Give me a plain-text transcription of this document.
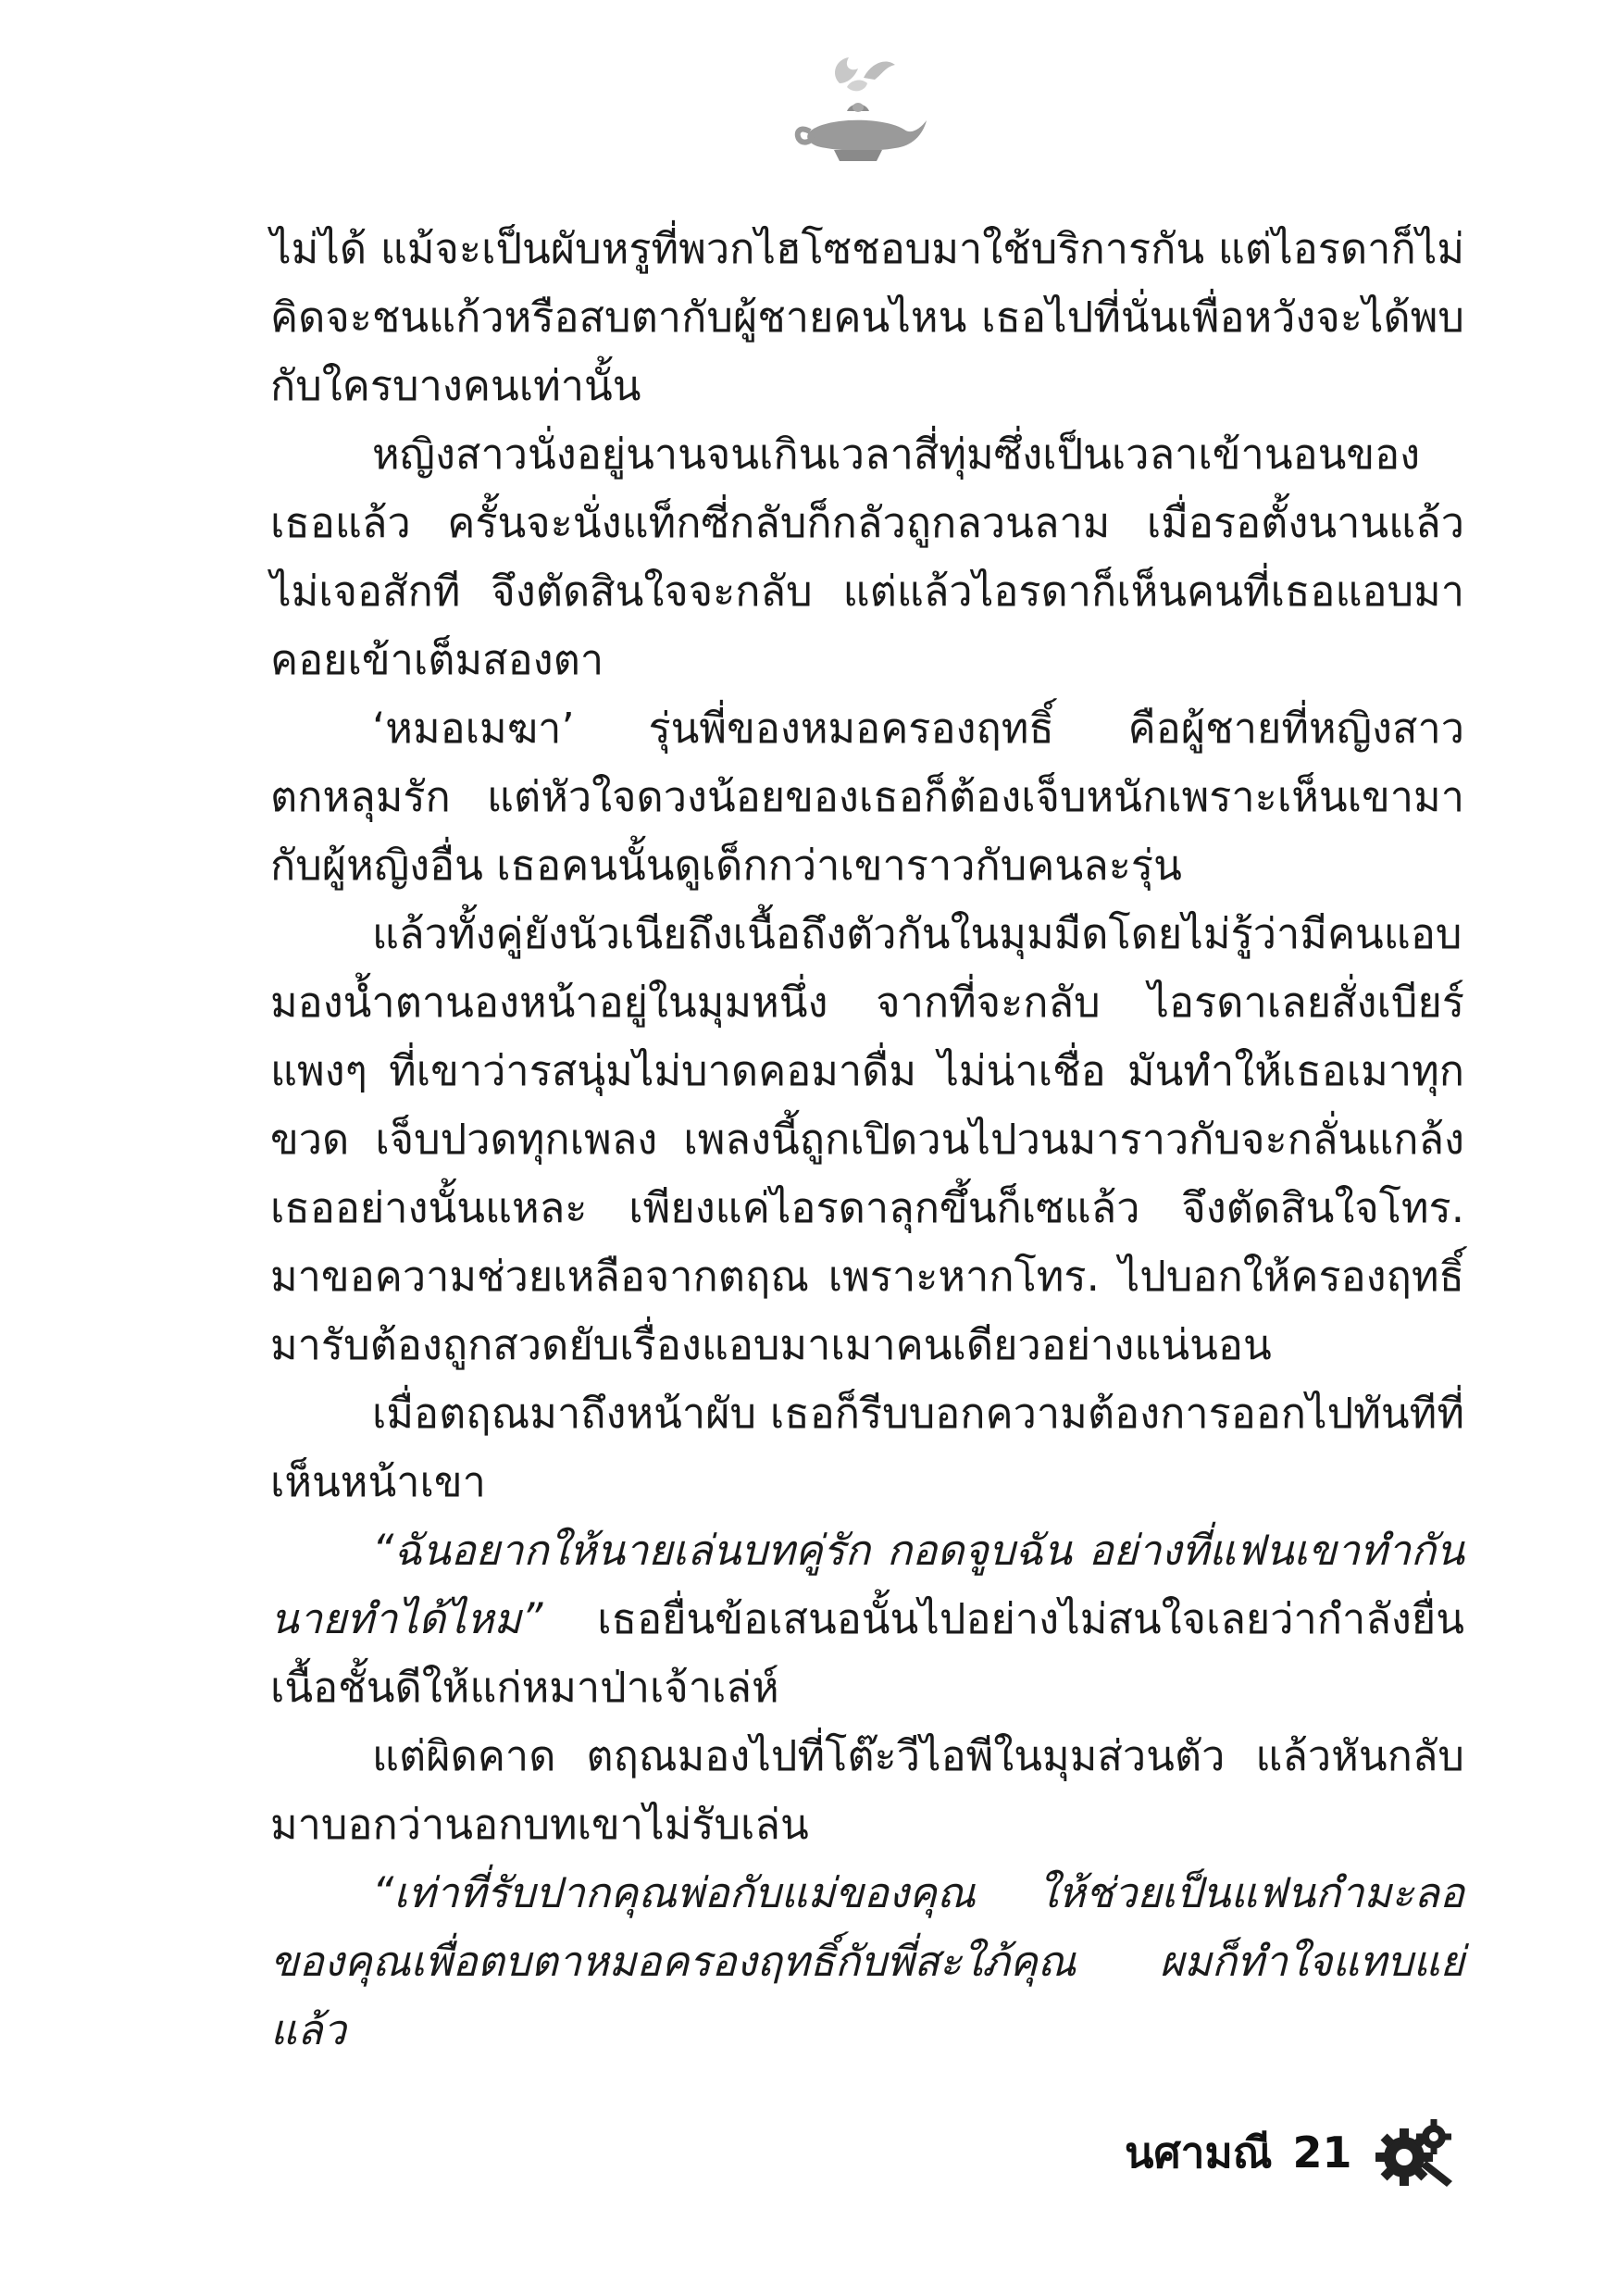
ไม่ได้ แม้จะเป็นผับหรูที่พวกไฮโซชอบมาใช้บริการกัน แต่ไอรดาก็ไม่คิดจะชนแก้วหรือสบตากับผู้ชายคนไหน เธอไปที่นั่นเพื่อหวังจะได้พบกับใครบางคนเท่านั้น

หญิงสาวนั่งอยู่นานจนเกินเวลาสี่ทุ่มซึ่งเป็นเวลาเข้านอนของเธอแล้ว ครั้นจะนั่งแท็กซี่กลับก็กลัวถูกลวนลาม เมื่อรอตั้งนานแล้วไม่เจอสักที จึงตัดสินใจจะกลับ แต่แล้วไอรดาก็เห็นคนที่เธอแอบมาคอยเข้าเต็มสองตา

‘หมอเมฆา’ รุ่นพี่ของหมอครองฤทธิ์ คือผู้ชายที่หญิงสาวตกหลุมรัก แต่หัวใจดวงน้อยของเธอก็ต้องเจ็บหนักเพราะเห็นเขามากับผู้หญิงอื่น เธอคนนั้นดูเด็กกว่าเขาราวกับคนละรุ่น

แล้วทั้งคู่ยังนัวเนียถึงเนื้อถึงตัวกันในมุมมืดโดยไม่รู้ว่ามีคนแอบมองน้ำตานองหน้าอยู่ในมุมหนึ่ง จากที่จะกลับ ไอรดาเลยสั่งเบียร์แพงๆ ที่เขาว่ารสนุ่มไม่บาดคอมาดื่ม ไม่น่าเชื่อ มันทำให้เธอเมาทุกขวด เจ็บปวดทุกเพลง เพลงนี้ถูกเปิดวนไปวนมาราวกับจะกลั่นแกล้งเธออย่างนั้นแหละ เพียงแค่ไอรดาลุกขึ้นก็เซแล้ว จึงตัดสินใจโทร. มาขอความช่วยเหลือจากตฤณ เพราะหากโทร. ไปบอกให้ครองฤทธิ์มารับต้องถูกสวดยับเรื่องแอบมาเมาคนเดียวอย่างแน่นอน

เมื่อตฤณมาถึงหน้าผับ เธอก็รีบบอกความต้องการออกไปทันทีที่เห็นหน้าเขา

“ฉันอยากให้นายเล่นบทคู่รัก กอดจูบฉัน อย่างที่แฟนเขาทำกัน นายทำได้ไหม” เธอยื่นข้อเสนอนั้นไปอย่างไม่สนใจเลยว่ากำลังยื่นเนื้อชั้นดีให้แก่หมาป่าเจ้าเล่ห์

แต่ผิดคาด ตฤณมองไปที่โต๊ะวีไอพีในมุมส่วนตัว แล้วหันกลับมาบอกว่านอกบทเขาไม่รับเล่น

“เท่าที่รับปากคุณพ่อกับแม่ของคุณ ให้ช่วยเป็นแฟนกำมะลอของคุณเพื่อตบตาหมอครองฤทธิ์กับพี่สะใภ้คุณ ผมก็ทำใจแทบแย่แล้ว

นศามณี 21
